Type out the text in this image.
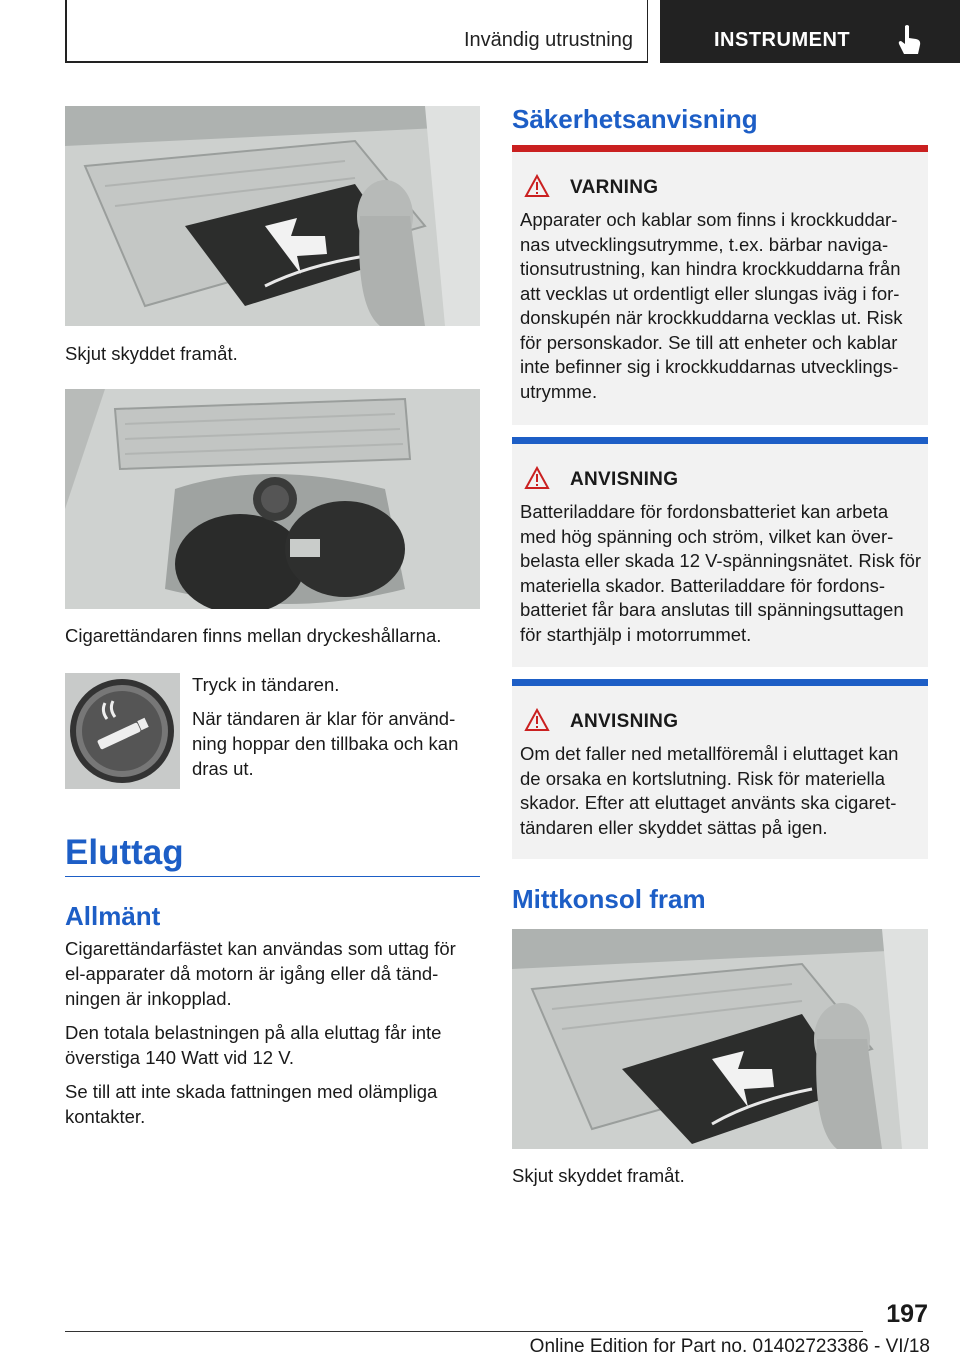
Invändig utrustning	INSTRUMENT
Skjut skyddet framåt.
Cigarettändaren finns mellan dryckeshållarna.

Tryck in tändaren.

När tändaren är klar för använd-ning hoppar den tillbaka och kan dras ut.

Eluttag
Allmänt

Cigarettändarfästet kan användas som uttag för el-apparater då motorn är igång eller då tänd-ningen är inkopplad.

Den totala belastningen på alla eluttag får inte överstiga 140 Watt vid 12 V.

Se till att inte skada fattningen med olämpliga kontakter.

Säkerhetsanvisning
VARNING
Apparater och kablar som finns i krockkuddar-nas utvecklingsutrymme, t.ex. bärbar naviga-tionsutrustning, kan hindra krockkuddarna från att vecklas ut ordentligt eller slungas iväg i for-donskupén när krockkuddarna vecklas ut. Risk för personskador. Se till att enheter och kablar inte befinner sig i krockkuddarnas utvecklings-utrymme.
ANVISNING
Batteriladdare för fordonsbatteriet kan arbeta med hög spänning och ström, vilket kan över-belasta eller skada 12 V-spänningsnätet. Risk för materiella skador. Batteriladdare för fordons-batteriet får bara anslutas till spänningsuttagen för starthjälp i motorrummet.
ANVISNING
Om det faller ned metallföremål i eluttaget kan de orsaka en kortslutning. Risk för materiella skador. Efter att eluttaget använts ska cigaret-tändaren eller skyddet sättas på igen.
Mittkonsol fram
Skjut skyddet framåt.
197
Online Edition for Part no. 01402723386 - VI/18
